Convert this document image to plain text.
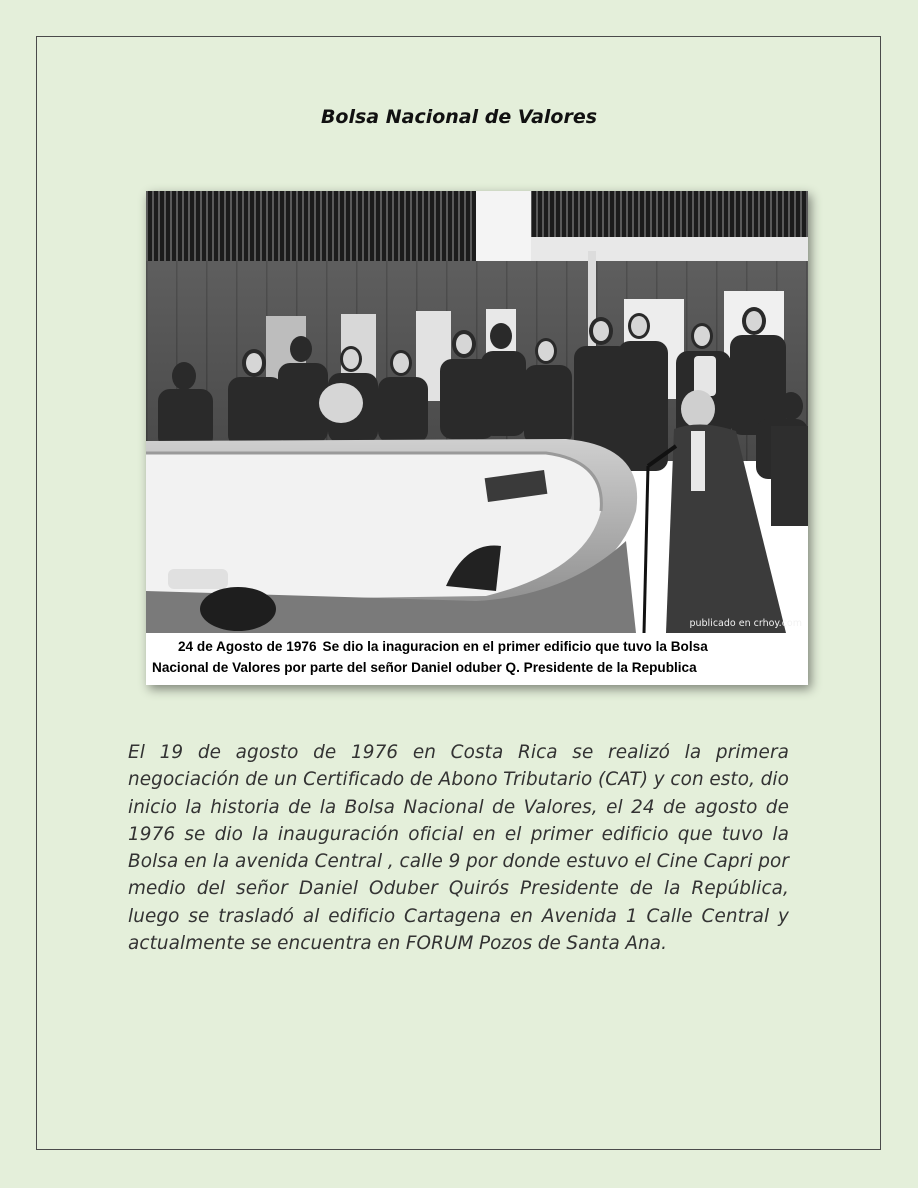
Bolsa Nacional de Valores
publicado en crhoy.com
24 de Agosto de 1976 Se dio la inaguracion en el primer edificio que tuvo la Bolsa
Nacional de Valores por parte del señor Daniel oduber Q. Presidente de la Republica
El 19 de agosto de 1976 en Costa Rica se realizó la primera negociación de un Certificado de Abono Tributario (CAT) y con esto, dio inicio la historia de la Bolsa Nacional de Valores, el 24 de agosto de 1976 se dio la inauguración oficial en el primer edificio que tuvo la Bolsa en la avenida Central , calle 9 por donde estuvo el Cine Capri por medio del señor Daniel Oduber Quirós Presidente de la República, luego se trasladó al edificio Cartagena en Avenida 1 Calle Central y actualmente se encuentra en FORUM Pozos de Santa Ana.
